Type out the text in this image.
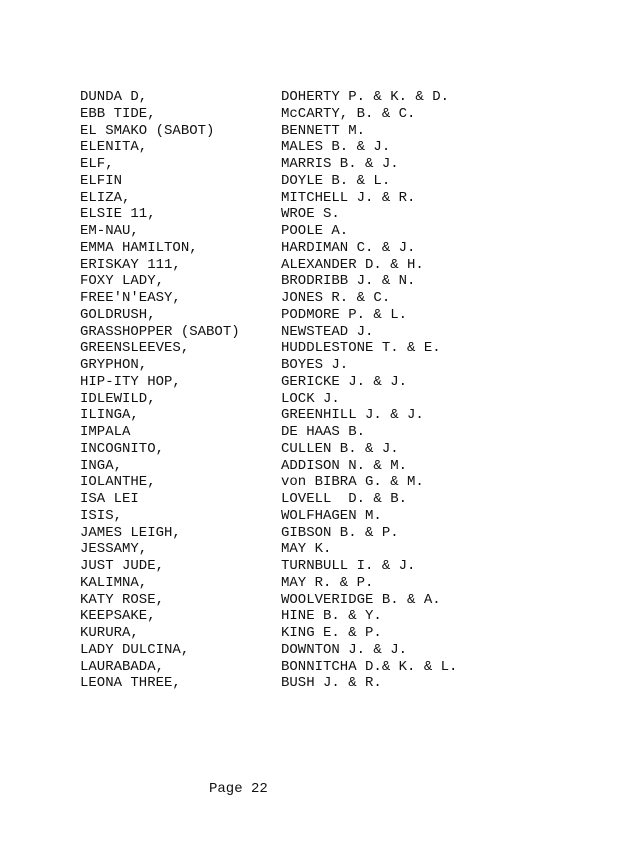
DUNDA D,	DOHERTY P. & K. & D.
EBB TIDE,	McCARTY, B. & C.
EL SMAKO (SABOT)	BENNETT M.
ELENITA,	MALES B. & J.
ELF,	MARRIS B. & J.
ELFIN	DOYLE B. & L.
ELIZA,	MITCHELL J. & R.
ELSIE 11,	WROE S.
EM-NAU,	POOLE A.
EMMA HAMILTON,	HARDIMAN C. & J.
ERISKAY 111,	ALEXANDER D. & H.
FOXY LADY,	BRODRIBB J. & N.
FREE'N'EASY,	JONES R. & C.
GOLDRUSH,	PODMORE P. & L.
GRASSHOPPER (SABOT)	NEWSTEAD J.
GREENSLEEVES,	HUDDLESTONE T. & E.
GRYPHON,	BOYES J.
HIP-ITY HOP,	GERICKE J. & J.
IDLEWILD,	LOCK J.
ILINGA,	GREENHILL J. & J.
IMPALA	DE HAAS B.
INCOGNITO,	CULLEN B. & J.
INGA,	ADDISON N. & M.
IOLANTHE,	von BIBRA G. & M.
ISA LEI	LOVELL  D. & B.
ISIS,	WOLFHAGEN M.
JAMES LEIGH,	GIBSON B. & P.
JESSAMY,	MAY K.
JUST JUDE,	TURNBULL I. & J.
KALIMNA,	MAY R. & P.
KATY ROSE,	WOOLVERIDGE B. & A.
KEEPSAKE,	HINE B. & Y.
KURURA,	KING E. & P.
LADY DULCINA,	DOWNTON J. & J.
LAURABADA,	BONNITCHA D.& K. & L.
LEONA THREE,	BUSH J. & R.
Page 22
